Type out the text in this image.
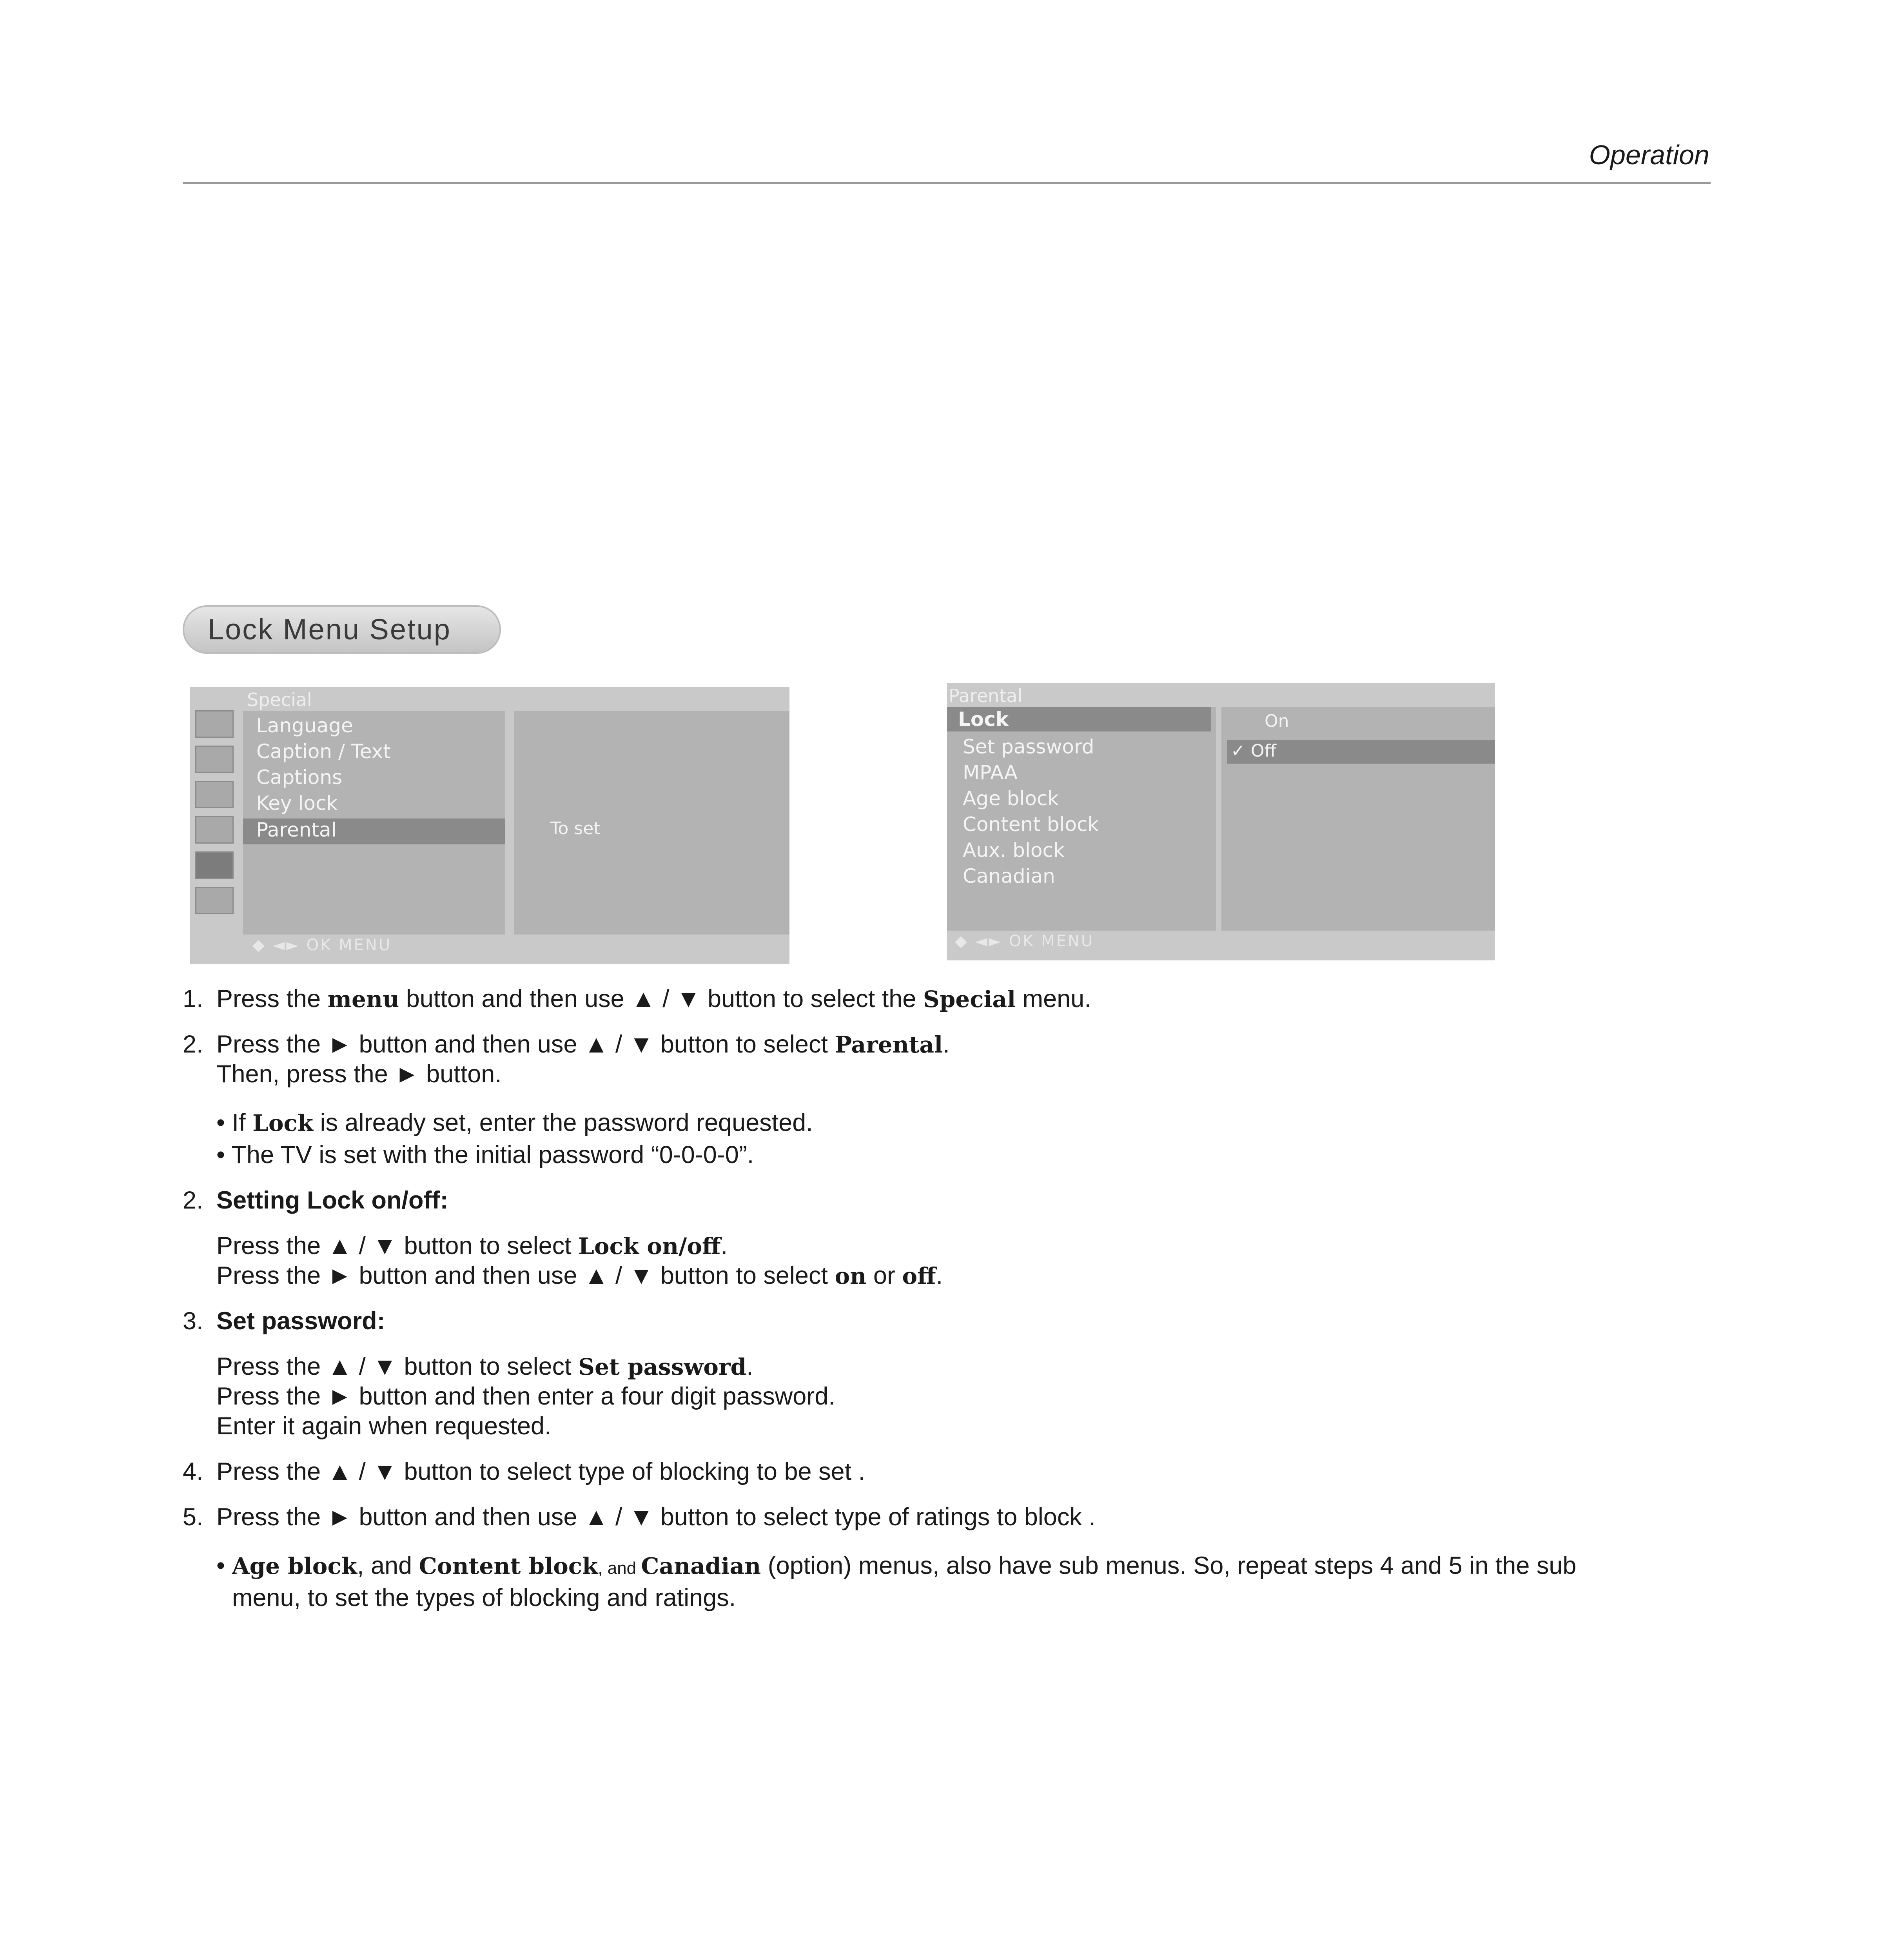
Operation
Lock Menu Setup
Special
Language
Caption / Text
Captions
Key lock
Parental	To set
◆ ◄► OK MENU
Parental
Lock
Set password
MPAA
Age block
Content block
Aux. block
Canadian
On
✓ Off
◆ ◄► OK MENU
1. Press the menu button and then use ▲ / ▼ button to select the Special menu.
2. Press the ► button and then use ▲ / ▼ button to select Parental.
Then, press the ► button.
• If Lock is already set, enter the password requested.
• The TV is set with the initial password “0-0-0-0”.
2. Setting Lock on/off:
Press the ▲ / ▼ button to select Lock on/off.
Press the ► button and then use ▲ / ▼ button to select on or off.
3. Set password:
Press the ▲ / ▼ button to select Set password.
Press the ► button and then enter a four digit password.
Enter it again when requested.
4. Press the ▲ / ▼ button to select type of blocking to be set .
5. Press the ► button and then use ▲ / ▼ button to select type of ratings to block .
• Age block, and Content block, and Canadian (option) menus, also have sub menus. So, repeat steps 4 and 5 in the sub
menu, to set the types of blocking and ratings.
